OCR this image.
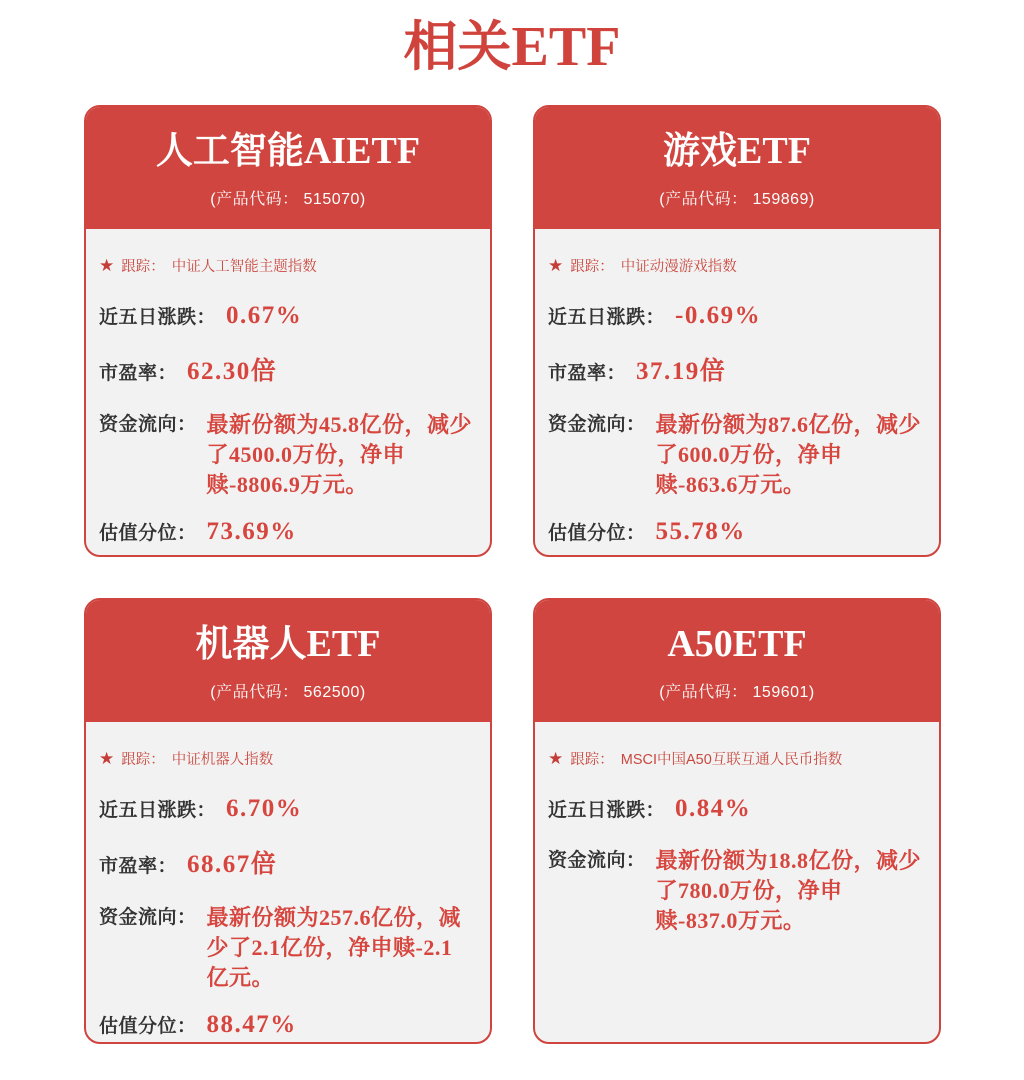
相关ETF
人工智能AIETF
(产品代码： 515070)
★ 跟踪： 中证人工智能主题指数
近五日涨跌： 0.67%
市盈率： 62.30倍
资金流向： 最新份额为45.8亿份，减少了4500.0万份，净申赎-8806.9万元。
估值分位： 73.69%
游戏ETF
(产品代码： 159869)
★ 跟踪： 中证动漫游戏指数
近五日涨跌： -0.69%
市盈率： 37.19倍
资金流向： 最新份额为87.6亿份，减少了600.0万份，净申赎-863.6万元。
估值分位： 55.78%
机器人ETF
(产品代码： 562500)
★ 跟踪： 中证机器人指数
近五日涨跌： 6.70%
市盈率： 68.67倍
资金流向： 最新份额为257.6亿份，减少了2.1亿份，净申赎-2.1亿元。
估值分位： 88.47%
A50ETF
(产品代码： 159601)
★ 跟踪： MSCI中国A50互联互通人民币指数
近五日涨跌： 0.84%
资金流向： 最新份额为18.8亿份，减少了780.0万份，净申赎-837.0万元。
